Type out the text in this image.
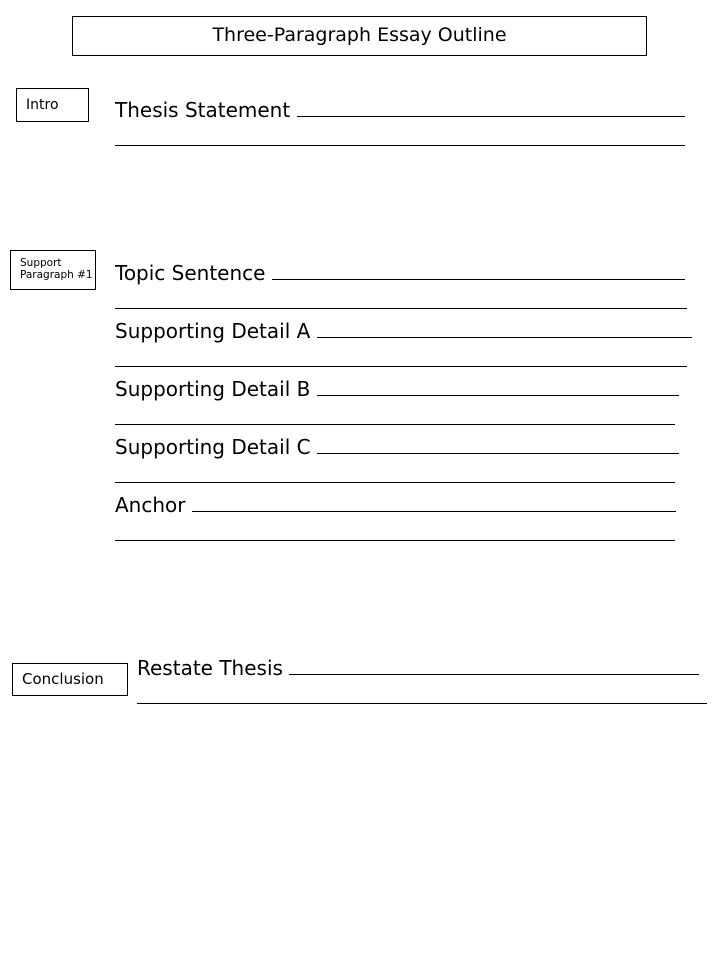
Three-Paragraph Essay Outline
Intro	Thesis Statement
Support
Paragraph #1 Topic Sentence
Supporting Detail A
Supporting Detail B
Supporting Detail C
Anchor
Conclusion	Restate Thesis
